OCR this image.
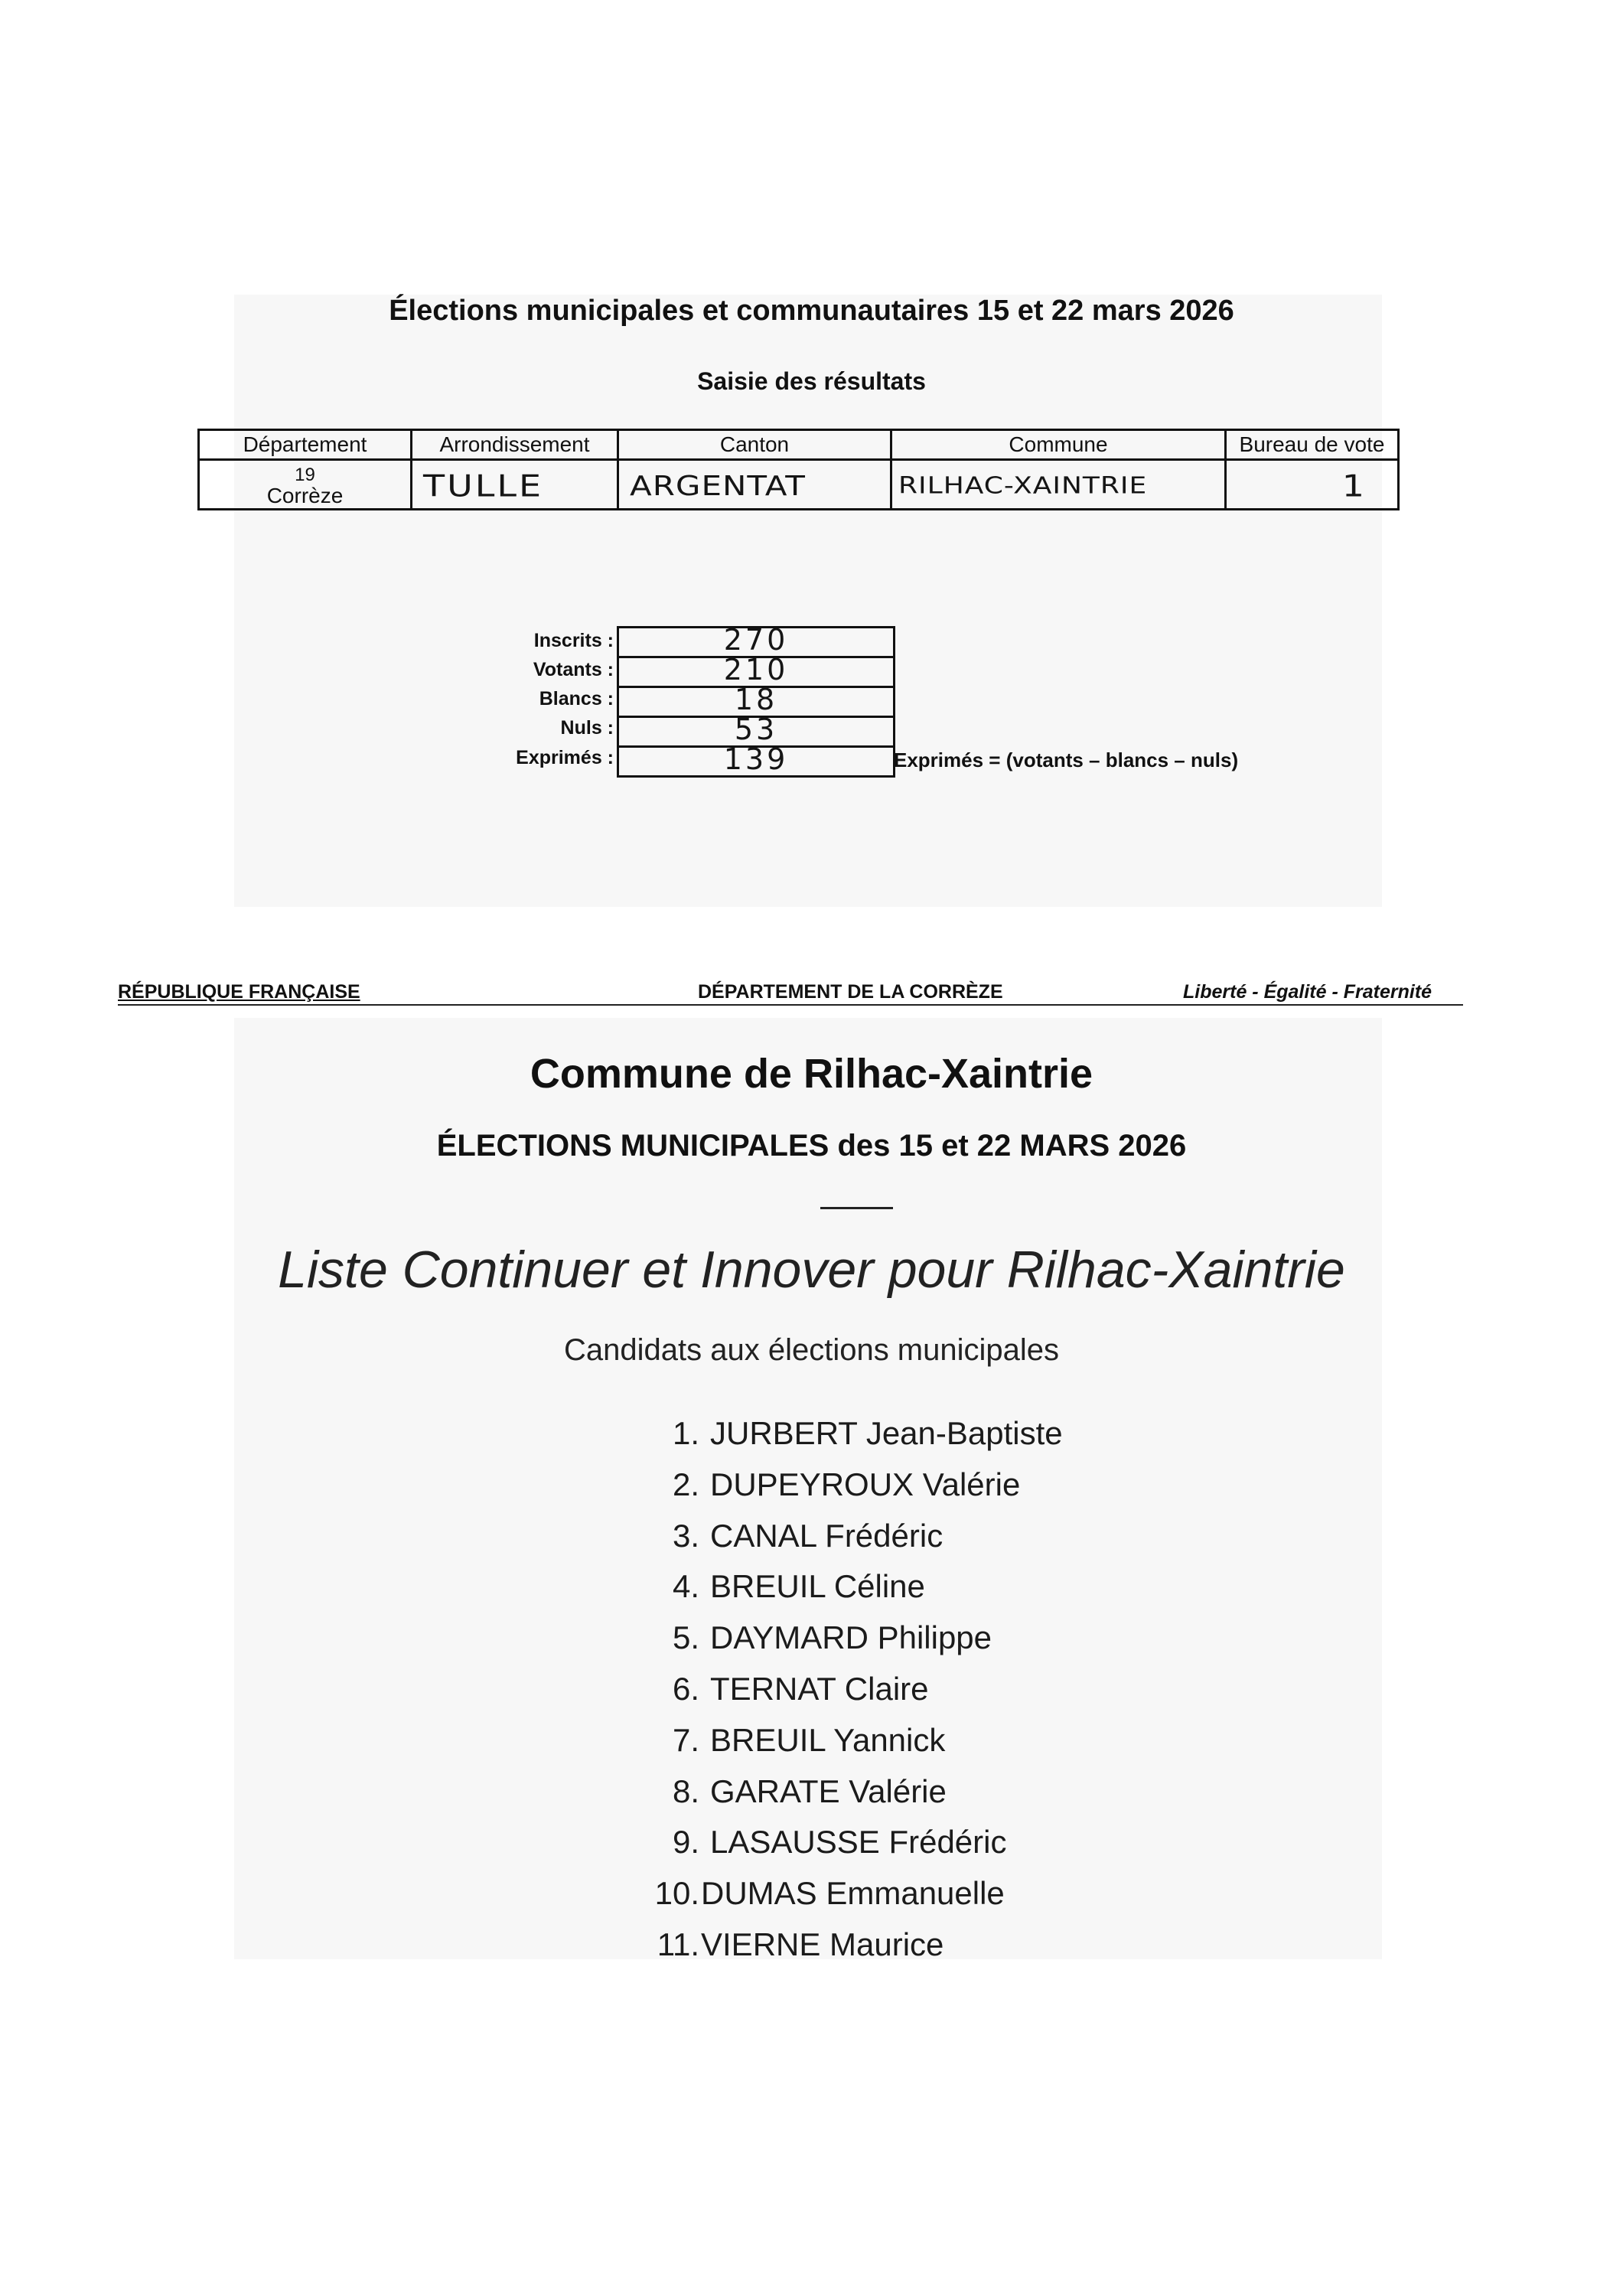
Élections municipales et communautaires 15 et 22 mars 2026
Saisie des résultats
Département	Arrondissement	Canton	Commune	Bureau de vote

19
Corrèze	TULLE	ARGENTAT	RILHAC-XAINTRIE	1
Inscrits :	270
Votants :	210
Blancs :	18
Nuls :	53
Exprimés :	139	Exprimés = (votants – blancs – nuls)
RÉPUBLIQUE FRANÇAISE	DÉPARTEMENT DE LA CORRÈZE	Liberté - Égalité - Fraternité
Commune de Rilhac-Xaintrie
ÉLECTIONS MUNICIPALES des 15 et 22 MARS 2026
Liste Continuer et Innover pour Rilhac-Xaintrie
Candidats aux élections municipales
1. JURBERT Jean-Baptiste
2. DUPEYROUX Valérie
3. CANAL Frédéric
4. BREUIL Céline
5. DAYMARD Philippe
6. TERNAT Claire
7. BREUIL Yannick
8. GARATE Valérie
9. LASAUSSE Frédéric
10.DUMAS Emmanuelle
11.VIERNE Maurice
